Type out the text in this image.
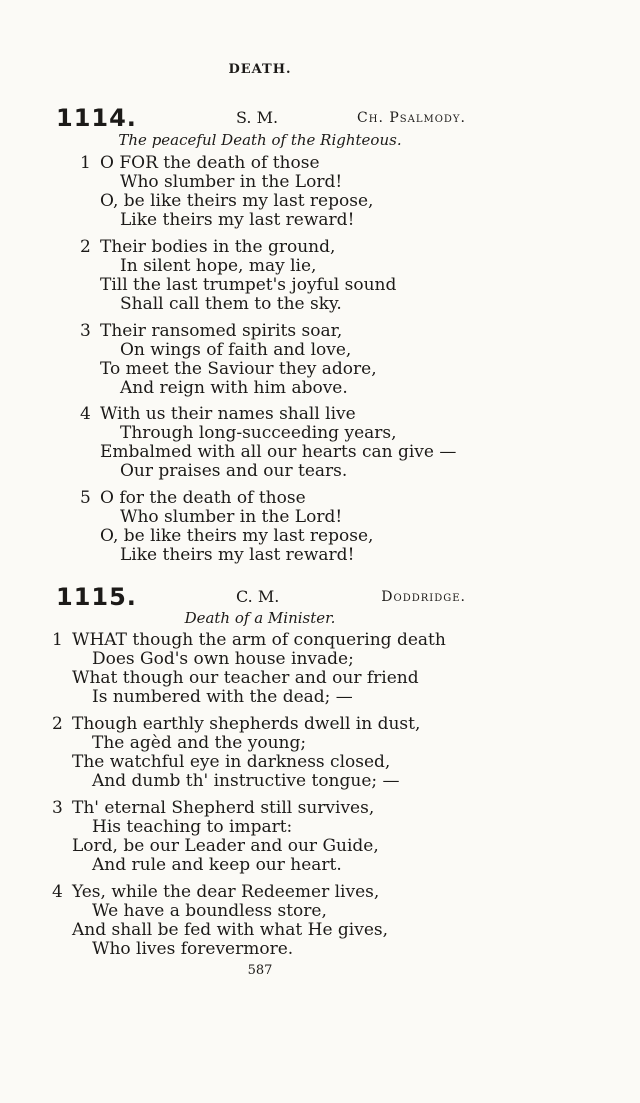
DEATH.
1114.	S. M.	Ch. Psalmody.
The peaceful Death of the Righteous.
1 O FOR the death of those
Who slumber in the Lord!
O, be like theirs my last repose,
Like theirs my last reward!
2 Their bodies in the ground,
In silent hope, may lie,
Till the last trumpet's joyful sound
Shall call them to the sky.
3 Their ransomed spirits soar,
On wings of faith and love,
To meet the Saviour they adore,
And reign with him above.
4 With us their names shall live
Through long-succeeding years,
Embalmed with all our hearts can give —
Our praises and our tears.
5 O for the death of those
Who slumber in the Lord!
O, be like theirs my last repose,
Like theirs my last reward!
1115.	C. M.	Doddridge.
Death of a Minister.
1 WHAT though the arm of conquering death
Does God's own house invade;
What though our teacher and our friend
Is numbered with the dead; —
2 Though earthly shepherds dwell in dust,
The agèd and the young;
The watchful eye in darkness closed,
And dumb th' instructive tongue; —
3 Th' eternal Shepherd still survives,
His teaching to impart:
Lord, be our Leader and our Guide,
And rule and keep our heart.
4 Yes, while the dear Redeemer lives,
We have a boundless store,
And shall be fed with what He gives,
Who lives forevermore.
587
